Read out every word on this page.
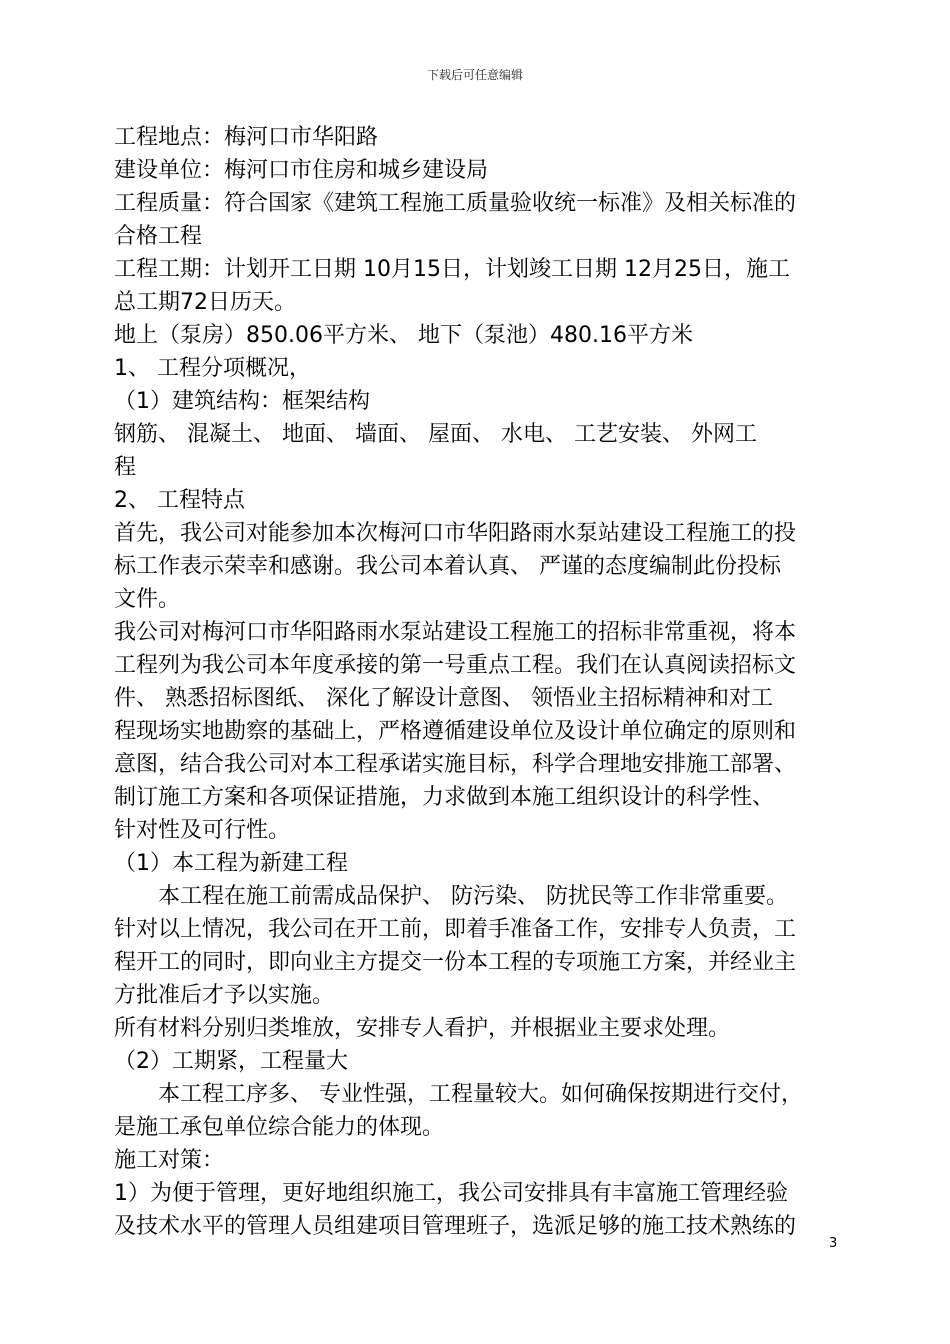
下载后可任意编辑
工程地点：梅河口市华阳路
建设单位：梅河口市住房和城乡建设局
工程质量：符合国家《建筑工程施工质量验收统一标准》及相关标准的
合格工程
工程工期：计划开工日期 10月15日，计划竣工日期 12月25日，施工
总工期72日历天。
地上（泵房）850.06平方米、 地下（泵池）480.16平方米
1、 工程分项概况，
（1）建筑结构：框架结构
钢筋、 混凝土、 地面、 墙面、 屋面、 水电、 工艺安装、 外网工
程
2、 工程特点
首先，我公司对能参加本次梅河口市华阳路雨水泵站建设工程施工的投
标工作表示荣幸和感谢。我公司本着认真、 严谨的态度编制此份投标
文件。
我公司对梅河口市华阳路雨水泵站建设工程施工的招标非常重视，将本
工程列为我公司本年度承接的第一号重点工程。我们在认真阅读招标文
件、 熟悉招标图纸、 深化了解设计意图、 领悟业主招标精神和对工
程现场实地勘察的基础上，严格遵循建设单位及设计单位确定的原则和
意图，结合我公司对本工程承诺实施目标，科学合理地安排施工部署、
制订施工方案和各项保证措施，力求做到本施工组织设计的科学性、
针对性及可行性。
（1）本工程为新建工程
本工程在施工前需成品保护、 防污染、 防扰民等工作非常重要。
针对以上情况，我公司在开工前，即着手准备工作，安排专人负责，工
程开工的同时，即向业主方提交一份本工程的专项施工方案，并经业主
方批准后才予以实施。
所有材料分别归类堆放，安排专人看护，并根据业主要求处理。
（2）工期紧，工程量大
本工程工序多、 专业性强，工程量较大。如何确保按期进行交付，
是施工承包单位综合能力的体现。
施工对策：
1）为便于管理，更好地组织施工，我公司安排具有丰富施工管理经验
及技术水平的管理人员组建项目管理班子，选派足够的施工技术熟练的
3
